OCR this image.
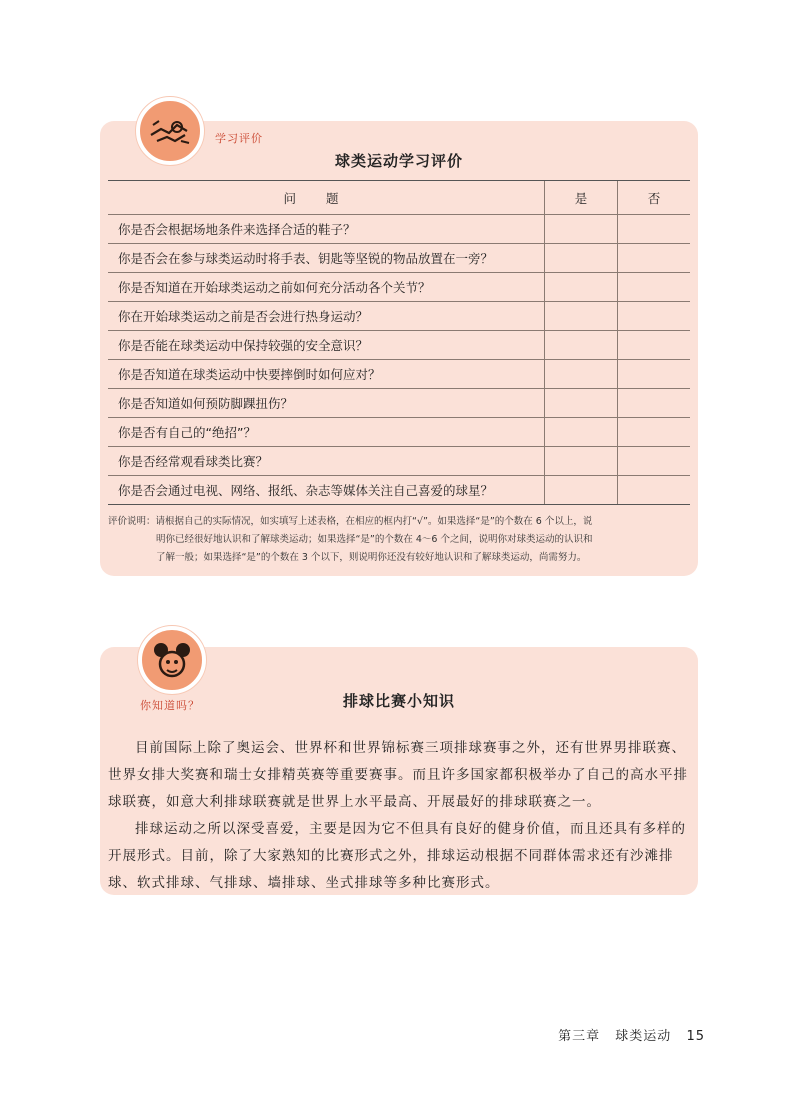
学习评价
球类运动学习评价
问题	是	否
你是否会根据场地条件来选择合适的鞋子？		
你是否会在参与球类运动时将手表、钥匙等坚锐的物品放置在一旁？		
你是否知道在开始球类运动之前如何充分活动各个关节？		
你在开始球类运动之前是否会进行热身运动？		
你是否能在球类运动中保持较强的安全意识？		
你是否知道在球类运动中快要摔倒时如何应对？		
你是否知道如何预防脚踝扭伤？		
你是否有自己的“绝招”？		
你是否经常观看球类比赛？		
你是否会通过电视、网络、报纸、杂志等媒体关注自己喜爱的球星？		
评价说明：请根据自己的实际情况，如实填写上述表格，在相应的框内打“√”。如果选择“是”的个数在 6 个以上，说
明你已经很好地认识和了解球类运动；如果选择“是”的个数在 4～6 个之间，说明你对球类运动的认识和
了解一般；如果选择“是”的个数在 3 个以下，则说明你还没有较好地认识和了解球类运动，尚需努力。
你知道吗？	排球比赛小知识

目前国际上除了奥运会、世界杯和世界锦标赛三项排球赛事之外，还有世界男排联赛、世界女排大奖赛和瑞士女排精英赛等重要赛事。而且许多国家都积极举办了自己的高水平排球联赛，如意大利排球联赛就是世界上水平最高、开展最好的排球联赛之一。

排球运动之所以深受喜爱，主要是因为它不但具有良好的健身价值，而且还具有多样的开展形式。目前，除了大家熟知的比赛形式之外，排球运动根据不同群体需求还有沙滩排球、软式排球、气排球、墙排球、坐式排球等多种比赛形式。

第三章 球类运动 15
